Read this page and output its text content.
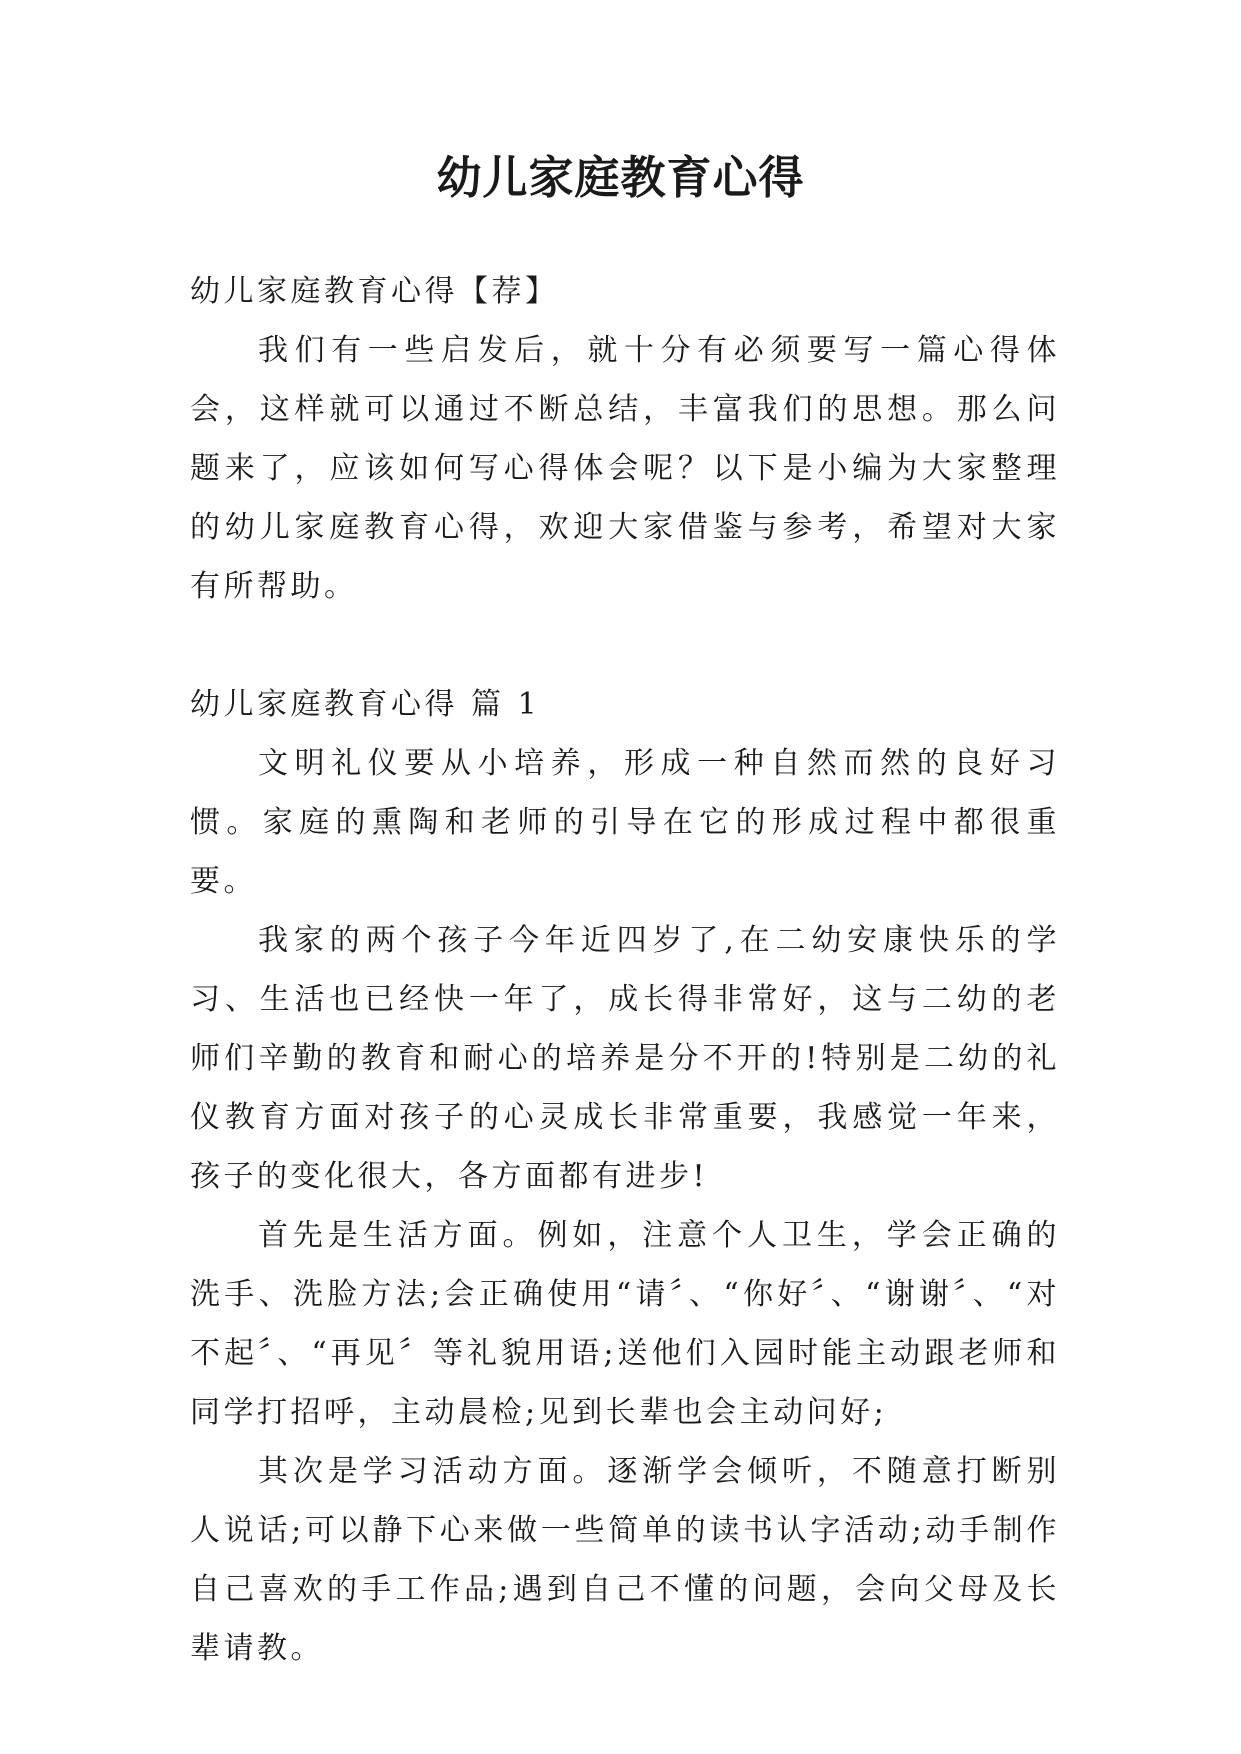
幼儿家庭教育心得

幼儿家庭教育心得【荐】

我们有一些启发后，就十分有必须要写一篇心得体会，这样就可以通过不断总结，丰富我们的思想。那么问题来了，应该如何写心得体会呢？以下是小编为大家整理的幼儿家庭教育心得，欢迎大家借鉴与参考，希望对大家有所帮助。

幼儿家庭教育心得 篇 1

文明礼仪要从小培养，形成一种自然而然的良好习惯。家庭的熏陶和老师的引导在它的形成过程中都很重要。

我家的两个孩子今年近四岁了,在二幼安康快乐的学习、生活也已经快一年了，成长得非常好，这与二幼的老师们辛勤的教育和耐心的培养是分不开的!特别是二幼的礼仪教育方面对孩子的心灵成长非常重要，我感觉一年来，孩子的变化很大，各方面都有进步!

首先是生活方面。例如，注意个人卫生，学会正确的洗手、洗脸方法;会正确使用“请〞、“你好〞、“谢谢〞、“对不起〞、“再见〞等礼貌用语;送他们入园时能主动跟老师和同学打招呼，主动晨检;见到长辈也会主动问好;

其次是学习活动方面。逐渐学会倾听，不随意打断别人说话;可以静下心来做一些简单的读书认字活动;动手制作自己喜欢的手工作品;遇到自己不懂的问题，会向父母及长辈请教。
